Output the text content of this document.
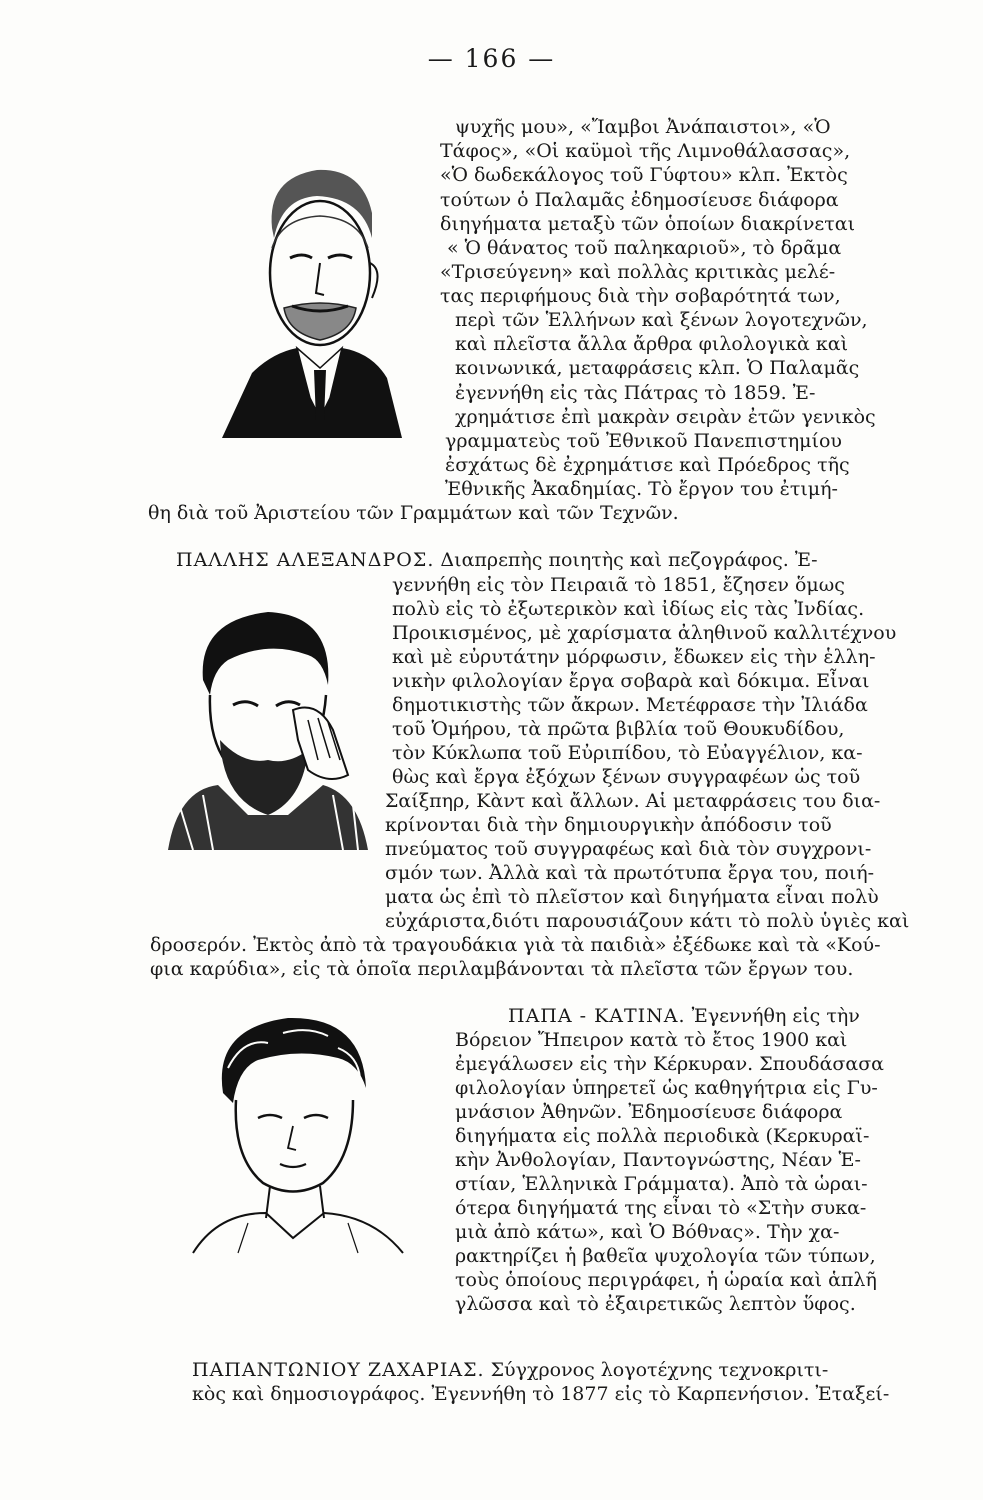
— 166 —
ψυχῆς μου», «Ἴαμβοι Ἀνάπαιστοι», «Ὁ
Τάφος», «Οἱ καϋμοὶ τῆς Λιμνοθάλασσας»,
«Ὁ δωδεκάλογος τοῦ Γύφτου» κλπ. Ἐκτὸς
τούτων ὁ Παλαμᾶς ἐδημοσίευσε διάφορα
διηγήματα μεταξὺ τῶν ὁποίων διακρίνεται
« Ὁ θάνατος τοῦ παληκαριοῦ», τὸ δρᾶμα
«Τρισεύγενη» καὶ πολλὰς κριτικὰς μελέ-
τας περιφήμους διὰ τὴν σοβαρότητά των,
περὶ τῶν Ἑλλήνων καὶ ξένων λογοτεχνῶν,
καὶ πλεῖστα ἄλλα ἄρθρα φιλολογικὰ καὶ
κοινωνικά, μεταφράσεις κλπ. Ὁ Παλαμᾶς
ἐγεννήθη εἰς τὰς Πάτρας τὸ 1859. Ἐ-
χρημάτισε ἐπὶ μακρὰν σειρὰν ἐτῶν γενικὸς
γραμματεὺς τοῦ Ἐθνικοῦ Πανεπιστημίου
ἐσχάτως δὲ ἐχρημάτισε καὶ Πρόεδρος τῆς
Ἐθνικῆς Ἀκαδημίας. Τὸ ἔργον του ἐτιμή-
θη διὰ τοῦ Ἀριστείου τῶν Γραμμάτων καὶ τῶν Τεχνῶν.
ΠΑΛΛΗΣ ΑΛΕΞΑΝΔΡΟΣ. Διαπρεπὴς ποιητὴς καὶ πεζογράφος. Ἐ-
γεννήθη εἰς τὸν Πειραιᾶ τὸ 1851, ἔζησεν ὅμως
πολὺ εἰς τὸ ἐξωτερικὸν καὶ ἰδίως εἰς τὰς Ἰνδίας.
Προικισμένος, μὲ χαρίσματα ἀληθινοῦ καλλιτέχνου
καὶ μὲ εὐρυτάτην μόρφωσιν, ἔδωκεν εἰς τὴν ἑλλη-
νικὴν φιλολογίαν ἔργα σοβαρὰ καὶ δόκιμα. Εἶναι
δημοτικιστὴς τῶν ἄκρων. Μετέφρασε τὴν Ἰλιάδα
τοῦ Ὁμήρου, τὰ πρῶτα βιβλία τοῦ Θουκυδίδου,
τὸν Κύκλωπα τοῦ Εὐριπίδου, τὸ Εὐαγγέλιον, κα-
θὼς καὶ ἔργα ἐξόχων ξένων συγγραφέων ὡς τοῦ
Σαίξπηρ, Κὰντ καὶ ἄλλων. Αἱ μεταφράσεις του δια-
κρίνονται διὰ τὴν δημιουργικὴν ἀπόδοσιν τοῦ
πνεύματος τοῦ συγγραφέως καὶ διὰ τὸν συγχρονι-
σμόν των. Ἀλλὰ καὶ τὰ πρωτότυπα ἔργα του, ποιή-
ματα ὡς ἐπὶ τὸ πλεῖστον καὶ διηγήματα εἶναι πολὺ
εὐχάριστα,διότι παρουσιάζουν κάτι τὸ πολὺ ὑγιὲς καὶ
δροσερόν. Ἐκτὸς ἀπὸ τὰ τραγουδάκια γιὰ τὰ παιδιὰ» ἐξέδωκε καὶ τὰ «Κού-
φια καρύδια», εἰς τὰ ὁποῖα περιλαμβάνονται τὰ πλεῖστα τῶν ἔργων του.
ΠΑΠΑ - ΚΑΤΙΝΑ. Ἐγεννήθη εἰς τὴν
Βόρειον Ἤπειρον κατὰ τὸ ἔτος 1900 καὶ
ἐμεγάλωσεν εἰς τὴν Κέρκυραν. Σπουδάσασα
φιλολογίαν ὑπηρετεῖ ὡς καθηγήτρια εἰς Γυ-
μνάσιον Ἀθηνῶν. Ἐδημοσίευσε διάφορα
διηγήματα εἰς πολλὰ περιοδικὰ (Κερκυραϊ-
κὴν Ἀνθολογίαν, Παντογνώστης, Νέαν Ἑ-
στίαν, Ἑλληνικὰ Γράμματα). Ἀπὸ τὰ ὡραι-
ότερα διηγήματά της εἶναι τὸ «Στὴν συκα-
μιὰ ἀπὸ κάτω», καὶ Ὁ Βόθνας». Τὴν χα-
ρακτηρίζει ἡ βαθεῖα ψυχολογία τῶν τύπων,
τοὺς ὁποίους περιγράφει, ἡ ὡραία καὶ ἁπλῆ
γλῶσσα καὶ τὸ ἐξαιρετικῶς λεπτὸν ὕφος.
ΠΑΠΑΝΤΩΝΙΟΥ ΖΑΧΑΡΙΑΣ. Σύγχρονος λογοτέχνης τεχνοκριτι-
κὸς καὶ δημοσιογράφος. Ἐγεννήθη τὸ 1877 εἰς τὸ Καρπενήσιον. Ἐταξεί-
